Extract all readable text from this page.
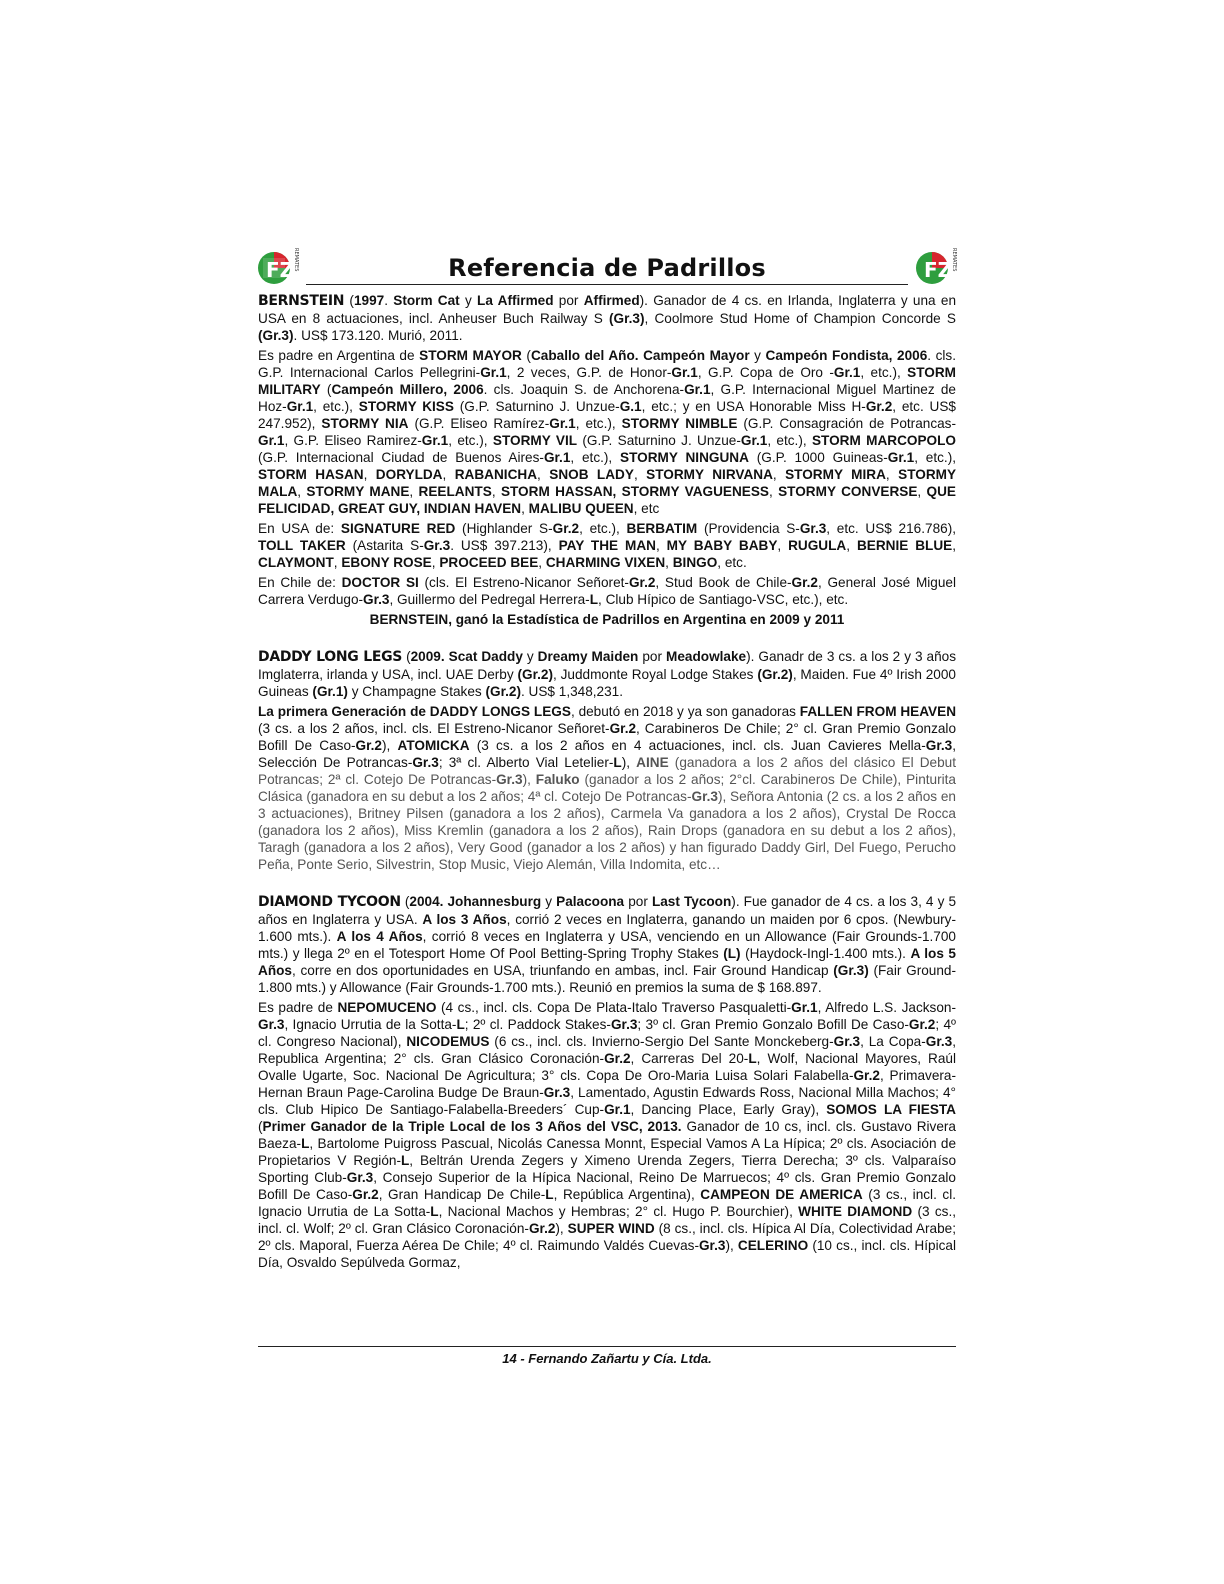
FZ
REMATES	Referencia de Padrillos	FZ
REMATES

BERNSTEIN (1997. Storm Cat y La Affirmed por Affirmed). Ganador de 4 cs. en Irlanda, Inglaterra y una en USA en 8 actuaciones, incl. Anheuser Buch Railway S (Gr.3), Coolmore Stud Home of Champion Concorde S (Gr.3). US$ 173.120. Murió, 2011.

Es padre en Argentina de STORM MAYOR (Caballo del Año. Campeón Mayor y Campeón Fondista, 2006. cls. G.P. Internacional Carlos Pellegrini-Gr.1, 2 veces, G.P. de Honor-Gr.1, G.P. Copa de Oro -Gr.1, etc.), STORM MILITARY (Campeón Millero, 2006. cls. Joaquin S. de Anchorena-Gr.1, G.P. Internacional Miguel Martinez de Hoz-Gr.1, etc.), STORMY KISS (G.P. Saturnino J. Unzue-G.1, etc.; y en USA Honorable Miss H-Gr.2, etc. US$ 247.952), STORMY NIA (G.P. Eliseo Ramírez-Gr.1, etc.), STORMY NIMBLE (G.P. Consagración de Potrancas-Gr.1, G.P. Eliseo Ramirez-Gr.1, etc.), STORMY VIL (G.P. Saturnino J. Unzue-Gr.1, etc.), STORM MARCOPOLO (G.P. Internacional Ciudad de Buenos Aires-Gr.1, etc.), STORMY NINGUNA (G.P. 1000 Guineas-Gr.1, etc.), STORM HASAN, DORYLDA, RABANICHA, SNOB LADY, STORMY NIRVANA, STORMY MIRA, STORMY MALA, STORMY MANE, REELANTS, STORM HASSAN, STORMY VAGUENESS, STORMY CONVERSE, QUE FELICIDAD, GREAT GUY, INDIAN HAVEN, MALIBU QUEEN, etc

En USA de: SIGNATURE RED (Highlander S-Gr.2, etc.), BERBATIM (Providencia S-Gr.3, etc. US$ 216.786), TOLL TAKER (Astarita S-Gr.3. US$ 397.213), PAY THE MAN, MY BABY BABY, RUGULA, BERNIE BLUE, CLAYMONT, EBONY ROSE, PROCEED BEE, CHARMING VIXEN, BINGO, etc.

En Chile de: DOCTOR SI (cls. El Estreno-Nicanor Señoret-Gr.2, Stud Book de Chile-Gr.2, General José Miguel Carrera Verdugo-Gr.3, Guillermo del Pedregal Herrera-L, Club Hípico de Santiago-VSC, etc.), etc.

BERNSTEIN, ganó la Estadística de Padrillos en Argentina en 2009 y 2011

DADDY LONG LEGS (2009. Scat Daddy y Dreamy Maiden por Meadowlake). Ganadr de 3 cs. a los 2 y 3 años Imglaterra, irlanda y USA, incl. UAE Derby (Gr.2), Juddmonte Royal Lodge Stakes (Gr.2), Maiden. Fue 4º Irish 2000 Guineas (Gr.1) y Champagne Stakes (Gr.2). US$ 1,348,231.

La primera Generación de DADDY LONGS LEGS, debutó en 2018 y ya son ganadoras FALLEN FROM HEAVEN (3 cs. a los 2 años, incl. cls. El Estreno-Nicanor Señoret-Gr.2, Carabineros De Chile; 2° cl. Gran Premio Gonzalo Bofill De Caso-Gr.2), ATOMICKA (3 cs. a los 2 años en 4 actuaciones, incl. cls. Juan Cavieres Mella-Gr.3, Selección De Potrancas-Gr.3; 3ª cl. Alberto Vial Letelier-L), AINE (ganadora a los 2 años del clásico El Debut Potrancas; 2ª cl. Cotejo De Potrancas-Gr.3), Faluko (ganador a los 2 años; 2°cl. Carabineros De Chile), Pinturita Clásica (ganadora en su debut a los 2 años; 4ª cl. Cotejo De Potrancas-Gr.3), Señora Antonia (2 cs. a los 2 años en 3 actuaciones), Britney Pilsen (ganadora a los 2 años), Carmela Va ganadora a los 2 años), Crystal De Rocca (ganadora los 2 años), Miss Kremlin (ganadora a los 2 años), Rain Drops (ganadora en su debut a los 2 años), Taragh (ganadora a los 2 años), Very Good (ganador a los 2 años) y han figurado Daddy Girl, Del Fuego, Perucho Peña, Ponte Serio, Silvestrin, Stop Music, Viejo Alemán, Villa Indomita, etc…

DIAMOND TYCOON (2004. Johannesburg y Palacoona por Last Tycoon). Fue ganador de 4 cs. a los 3, 4 y 5 años en Inglaterra y USA. A los 3 Años, corrió 2 veces en Inglaterra, ganando un maiden por 6 cpos. (Newbury-1.600 mts.). A los 4 Años, corrió 8 veces en Inglaterra y USA, venciendo en un Allowance (Fair Grounds-1.700 mts.) y llega 2º en el Totesport Home Of Pool Betting-Spring Trophy Stakes (L) (Haydock-Ingl-1.400 mts.). A los 5 Años, corre en dos oportunidades en USA, triunfando en ambas, incl. Fair Ground Handicap (Gr.3) (Fair Ground-1.800 mts.) y Allowance (Fair Grounds-1.700 mts.). Reunió en premios la suma de $ 168.897.

Es padre de NEPOMUCENO (4 cs., incl. cls. Copa De Plata-Italo Traverso Pasqualetti-Gr.1, Alfredo L.S. Jackson-Gr.3, Ignacio Urrutia de la Sotta-L; 2º cl. Paddock Stakes-Gr.3; 3º cl. Gran Premio Gonzalo Bofill De Caso-Gr.2; 4º cl. Congreso Nacional), NICODEMUS (6 cs., incl. cls. Invierno-Sergio Del Sante Monckeberg-Gr.3, La Copa-Gr.3, Republica Argentina; 2° cls. Gran Clásico Coronación-Gr.2, Carreras Del 20-L, Wolf, Nacional Mayores, Raúl Ovalle Ugarte, Soc. Nacional De Agricultura; 3° cls. Copa De Oro-Maria Luisa Solari Falabella-Gr.2, Primavera- Hernan Braun Page-Carolina Budge De Braun-Gr.3, Lamentado, Agustin Edwards Ross, Nacional Milla Machos; 4° cls. Club Hipico De Santiago-Falabella-Breeders´ Cup-Gr.1, Dancing Place, Early Gray), SOMOS LA FIESTA (Primer Ganador de la Triple Local de los 3 Años del VSC, 2013. Ganador de 10 cs, incl. cls. Gustavo Rivera Baeza-L, Bartolome Puigross Pascual, Nicolás Canessa Monnt, Especial Vamos A La Hípica; 2º cls. Asociación de Propietarios V Región-L, Beltrán Urenda Zegers y Ximeno Urenda Zegers, Tierra Derecha; 3º cls. Valparaíso Sporting Club-Gr.3, Consejo Superior de la Hípica Nacional, Reino De Marruecos; 4º cls. Gran Premio Gonzalo Bofill De Caso-Gr.2, Gran Handicap De Chile-L, República Argentina), CAMPEON DE AMERICA (3 cs., incl. cl. Ignacio Urrutia de La Sotta-L, Nacional Machos y Hembras; 2° cl. Hugo P. Bourchier), WHITE DIAMOND (3 cs., incl. cl. Wolf; 2º cl. Gran Clásico Coronación-Gr.2), SUPER WIND (8 cs., incl. cls. Hípica Al Día, Colectividad Arabe; 2º cls. Maporal, Fuerza Aérea De Chile; 4º cl. Raimundo Valdés Cuevas-Gr.3), CELERINO (10 cs., incl. cls. Hípical Día, Osvaldo Sepúlveda Gormaz,

14 - Fernando Zañartu y Cía. Ltda.
